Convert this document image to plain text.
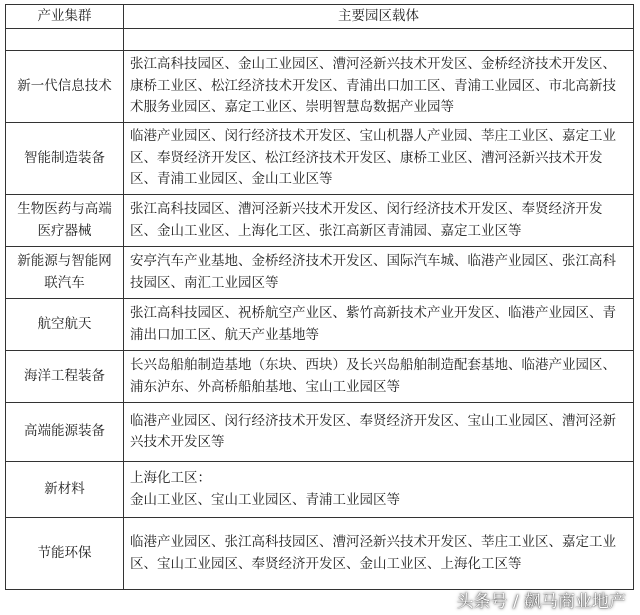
产业集群	主要园区载体

新一代信息技术	张江高科技园区、金山工业园区、漕河泾新兴技术开发区、金桥经济技术开发区、康桥工业区、松江经济技术开发区、青浦出口加工区、青浦工业园区、市北高新技术服务业园区、嘉定工业区、崇明智慧岛数据产业园等

智能制造装备	临港产业园区、闵行经济技术开发区、宝山机器人产业园、莘庄工业区、嘉定工业区、奉贤经济开发区、松江经济技术开发区、康桥工业区、漕河泾新兴技术开发区、青浦工业园区、金山工业区等

生物医药与高端医疗器械	张江高科技园区、漕河泾新兴技术开发区、闵行经济技术开发区、奉贤经济开发区、金山工业区、上海化工区、张江高新区青浦园、嘉定工业区等

新能源与智能网联汽车	安亭汽车产业基地、金桥经济技术开发区、国际汽车城、临港产业园区、张江高科技园区、南汇工业园区等

航空航天	张江高科技园区、祝桥航空产业区、紫竹高新技术产业开发区、临港产业园区、青浦出口加工区、航天产业基地等

海洋工程装备	长兴岛船舶制造基地（东块、西块）及长兴岛船舶制造配套基地、临港产业园区、浦东泸东、外高桥船舶基地、宝山工业园区等

高端能源装备	临港产业园区、闵行经济技术开发区、奉贤经济开发区、宝山工业园区、漕河泾新兴技术开发区等

新材料	上海化工区：
金山工业区、宝山工业园区、青浦工业园区等

节能环保	临港产业园区、张江高科技园区、漕河泾新兴技术开发区、莘庄工业区、嘉定工业区、宝山工业园区、奉贤经济开发区、金山工业区、上海化工区等
头条号 / 飙马商业地产
